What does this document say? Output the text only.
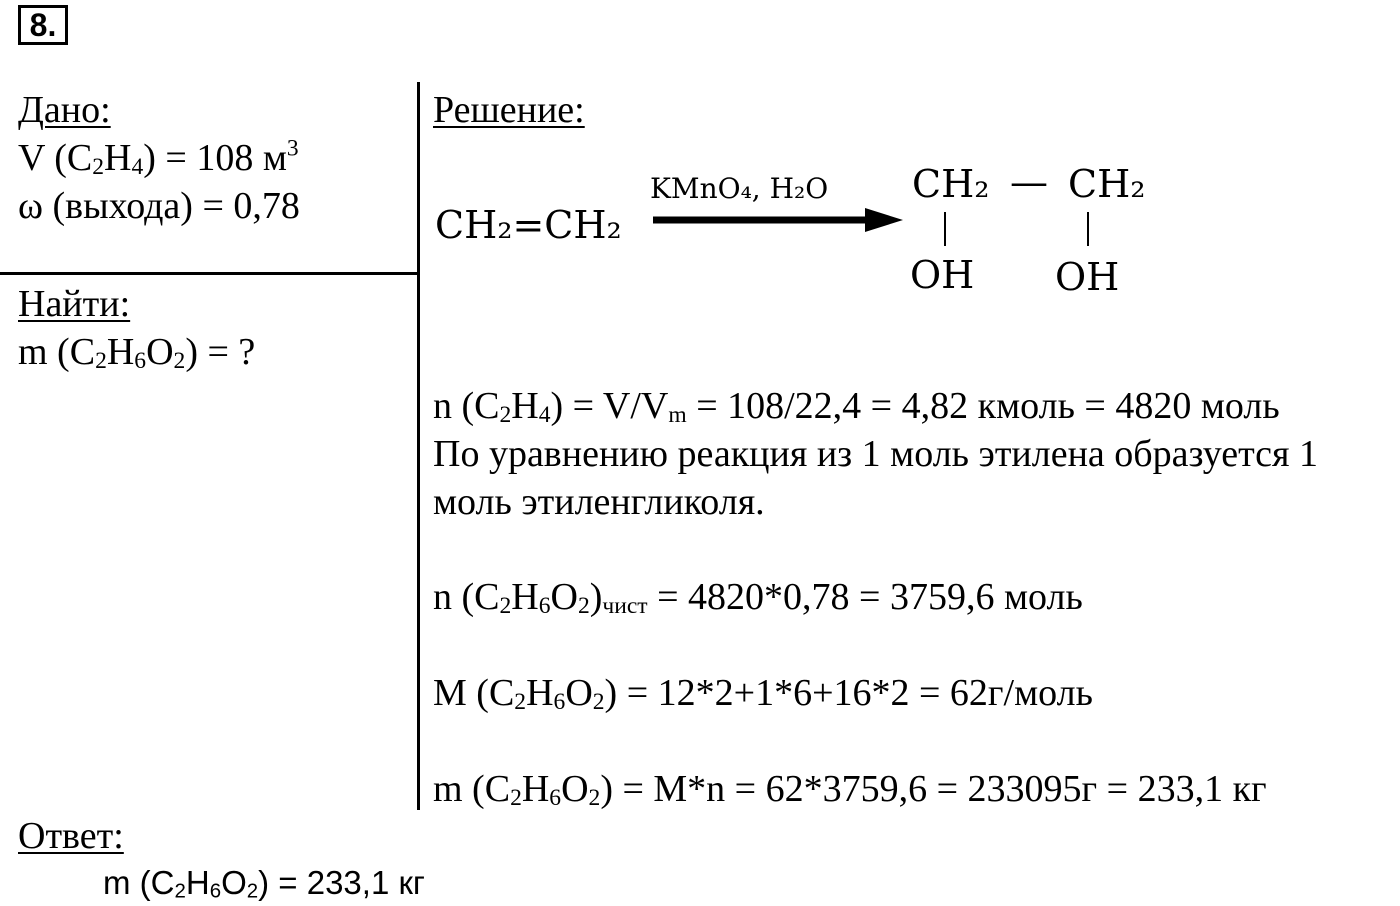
8.
Дано:
V $(C_2H_4) = 108$ $м^3$
ω (выхода) = 0,78
Найти:
m $(C_2H_6O_2)$ = ?
Решение:
CH₂=CH₂
KMnO₄, H₂O CH₂ — CH₂
OH OH
n $(C_2H_4) = V/V_m = 108/22,4 = 4,82$ кмоль = 4820 моль
По уравнению реакция из 1 моль этилена образуется 1
моль этиленгликоля.
n $(C_2H_6O_2)_{чист} = 4820*0,78 = 3759,6$ моль
M $(C_2H_6O_2) = 12*2+1*6+16*2$ = 62г/моль
m $(C_2H_6O_2) = M*n = 62*3759,6 = 233095г = 233,1$ кг
Ответ:
m $(C_2H_6O_2) = 233,1$ кг
